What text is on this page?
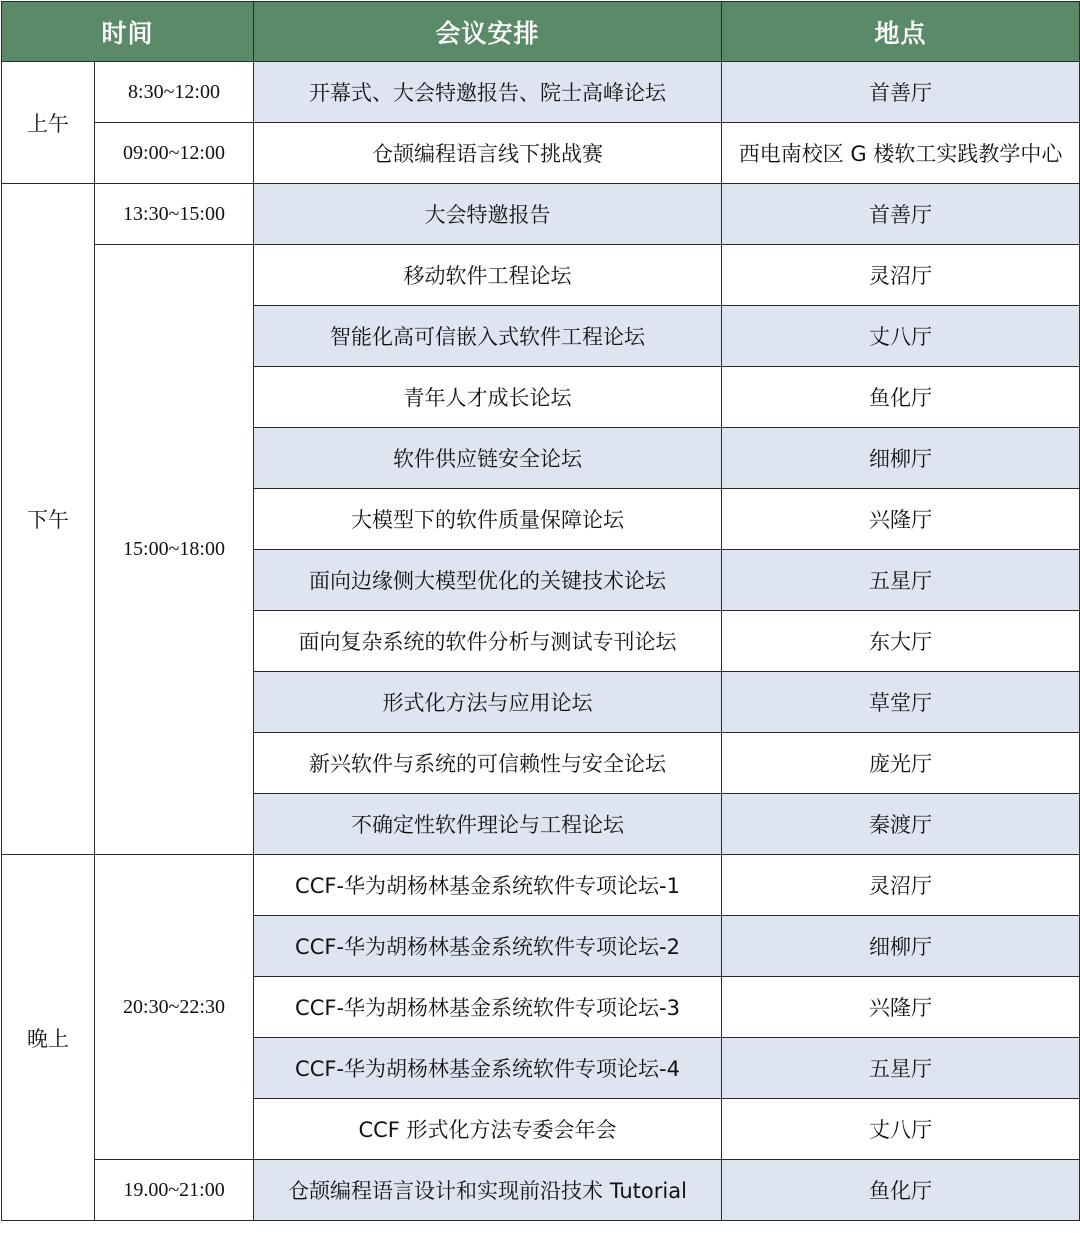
时间		会议安排	地点
上午	8:30~12:00	开幕式、大会特邀报告、院士高峰论坛	首善厅
	09:00~12:00	仓颉编程语言线下挑战赛	西电南校区 G 楼软工实践教学中心
下午	13:30~15:00	大会特邀报告	首善厅
	15:00~18:00	移动软件工程论坛	灵沼厅
		智能化高可信嵌入式软件工程论坛	丈八厅
		青年人才成长论坛	鱼化厅
		软件供应链安全论坛	细柳厅
		大模型下的软件质量保障论坛	兴隆厅
		面向边缘侧大模型优化的关键技术论坛	五星厅
		面向复杂系统的软件分析与测试专刊论坛	东大厅
		形式化方法与应用论坛	草堂厅
		新兴软件与系统的可信赖性与安全论坛	庞光厅
		不确定性软件理论与工程论坛	秦渡厅
晚上	20:30~22:30	CCF-华为胡杨林基金系统软件专项论坛-1	灵沼厅
		CCF-华为胡杨林基金系统软件专项论坛-2	细柳厅
		CCF-华为胡杨林基金系统软件专项论坛-3	兴隆厅
		CCF-华为胡杨林基金系统软件专项论坛-4	五星厅
		CCF 形式化方法专委会年会	丈八厅
	19.00~21:00	仓颉编程语言设计和实现前沿技术 Tutorial	鱼化厅
